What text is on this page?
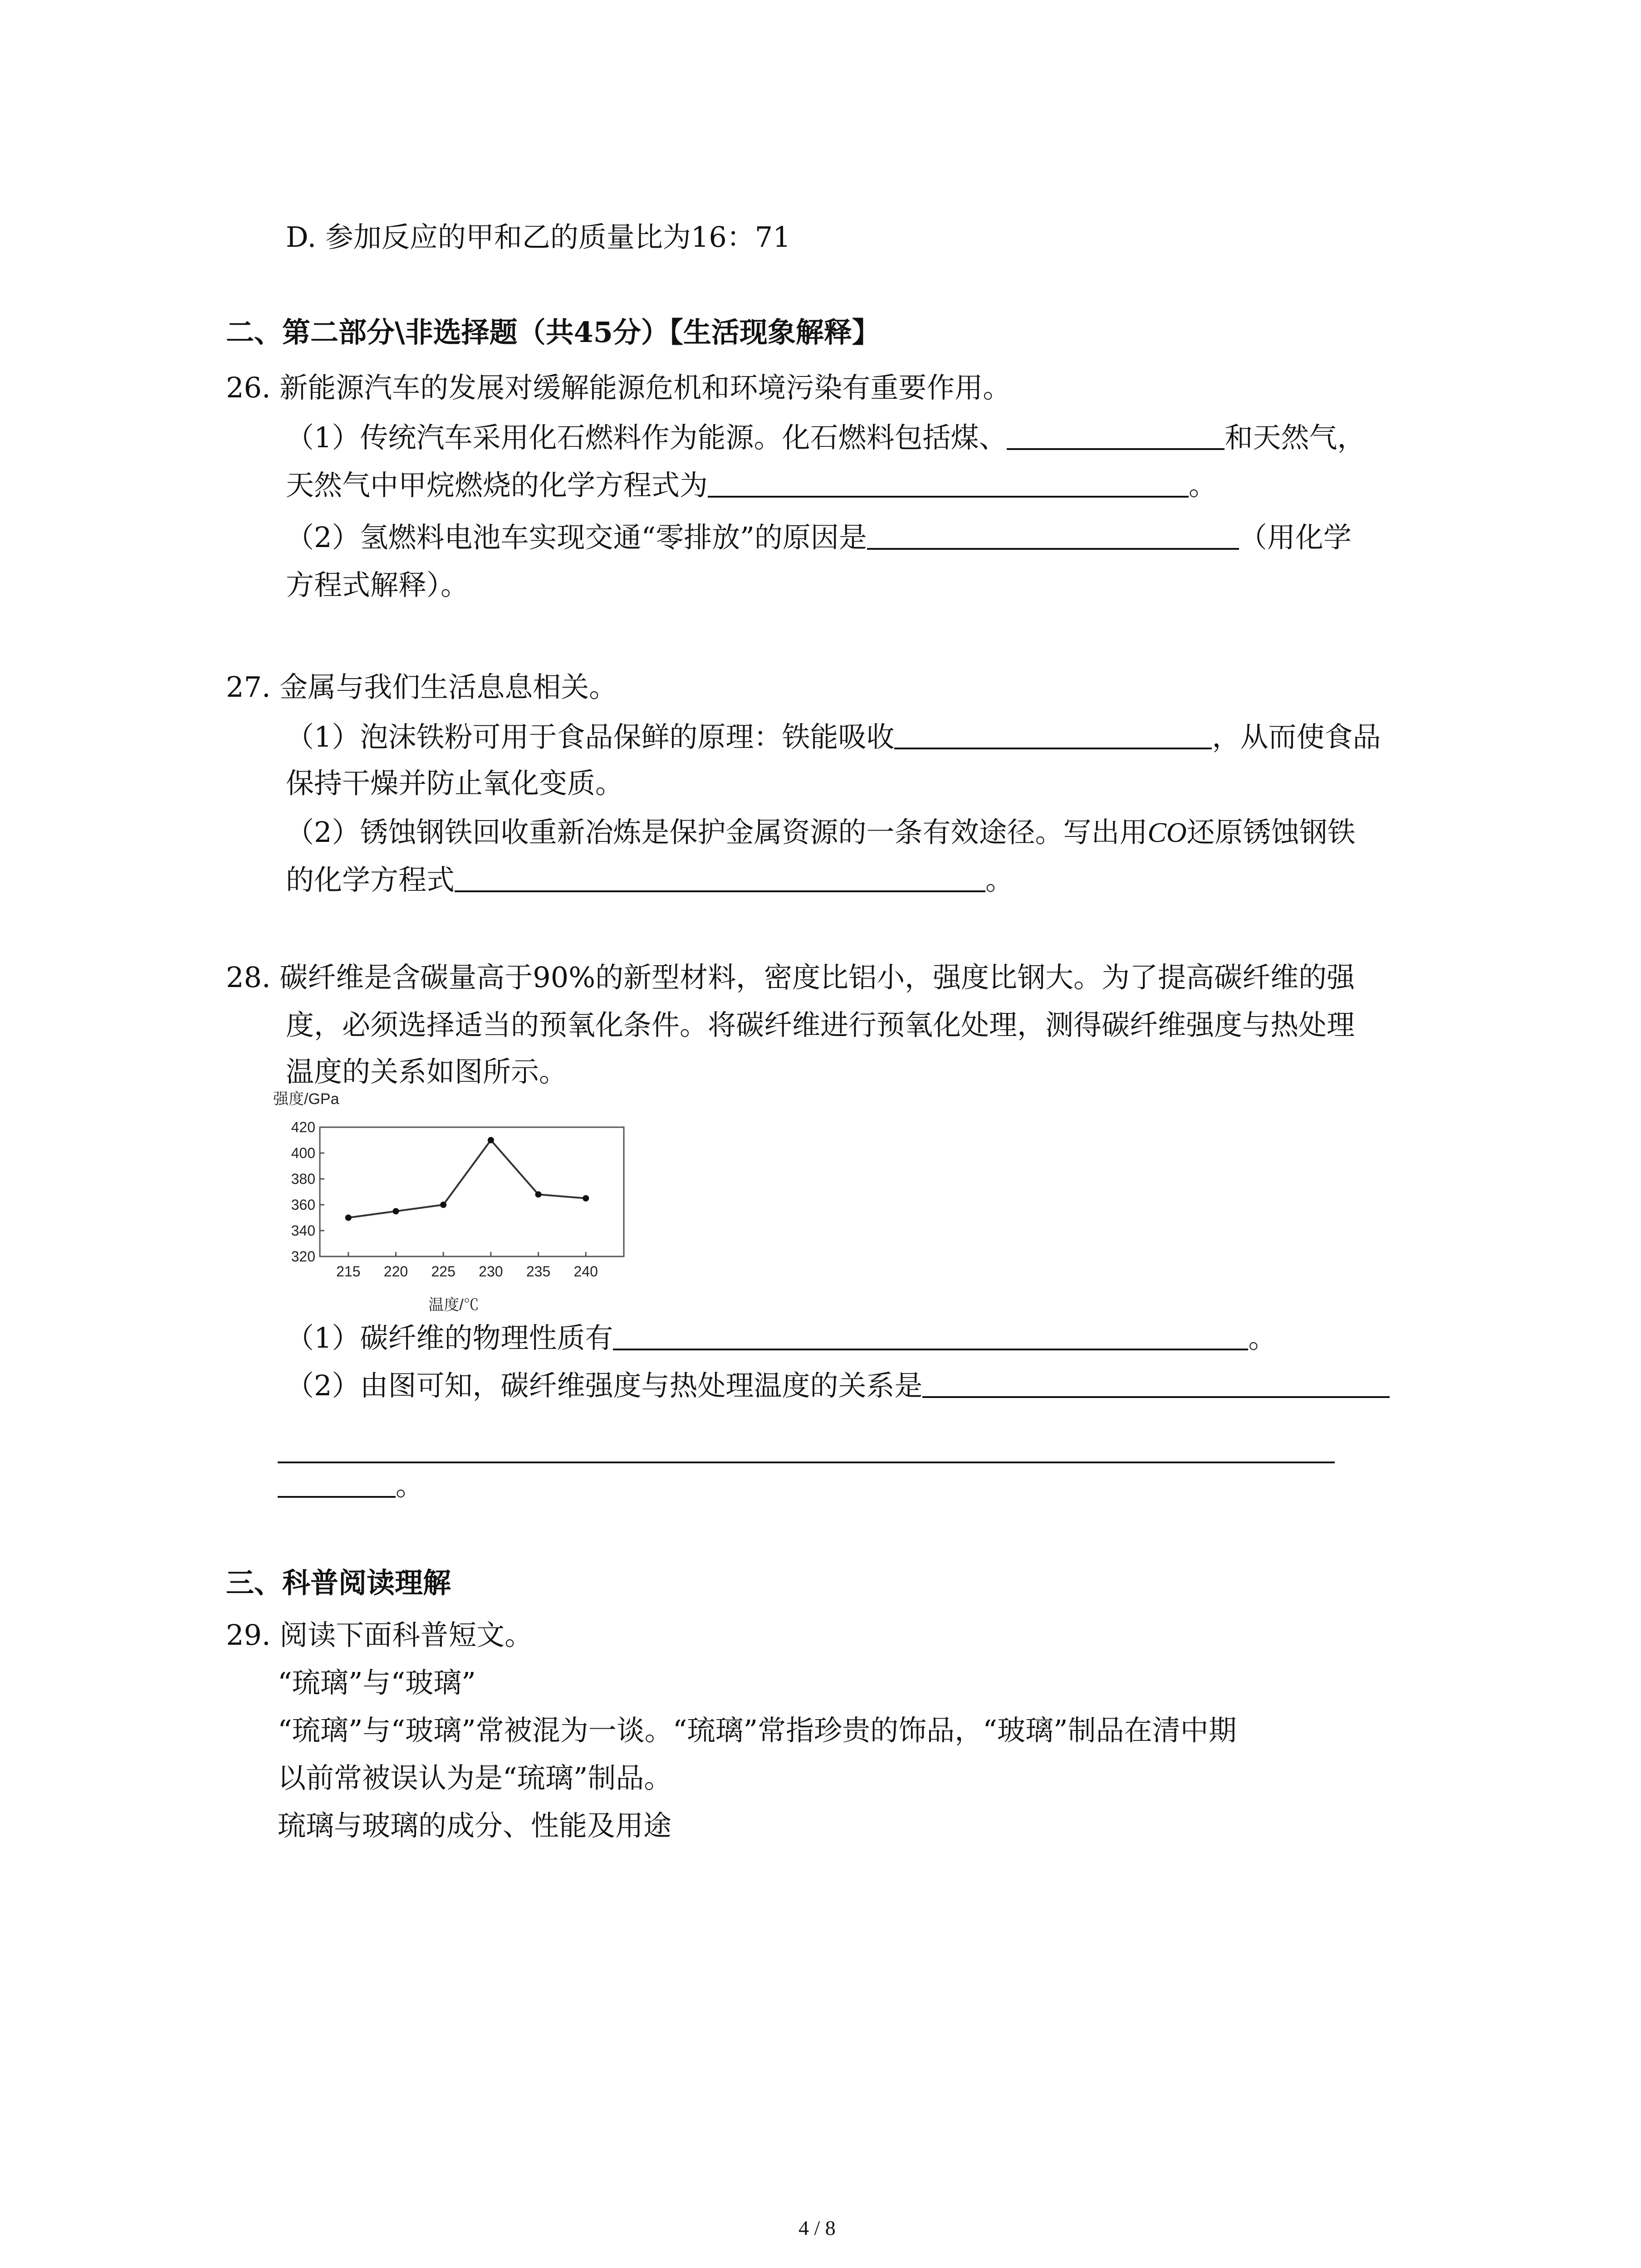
D. 参加反应的甲和乙的质量比为16：71
二、第二部分\非选择题（共45分）【生活现象解释】
26. 新能源汽车的发展对缓解能源危机和环境污染有重要作用。
（1）传统汽车采用化石燃料作为能源。化石燃料包括煤、	和天然气，
天然气中甲烷燃烧的化学方程式为	。
（2）氢燃料电池车实现交通“零排放”的原因是	（用化学
方程式解释）。
27. 金属与我们生活息息相关。
（1）泡沫铁粉可用于食品保鲜的原理：铁能吸收	，从而使食品
保持干燥并防止氧化变质。
（2）锈蚀钢铁回收重新冶炼是保护金属资源的一条有效途径。写出用CO还原锈蚀钢铁
的化学方程式	。
28. 碳纤维是含碳量高于90%的新型材料，密度比铝小，强度比钢大。为了提高碳纤维的强
度，必须选择适当的预氧化条件。将碳纤维进行预氧化处理，测得碳纤维强度与热处理
温度的关系如图所示。
强度/GPa
320
340
360
380
400
420
215 220 225 230 235 240
温度/℃
（1）碳纤维的物理性质有	。
（2）由图可知，碳纤维强度与热处理温度的关系是
。
三、科普阅读理解
29. 阅读下面科普短文。
“琉璃”与“玻璃”
“琉璃”与“玻璃”常被混为一谈。“琉璃”常指珍贵的饰品，“玻璃”制品在清中期
以前常被误认为是“琉璃”制品。
琉璃与玻璃的成分、性能及用途
4 / 8
